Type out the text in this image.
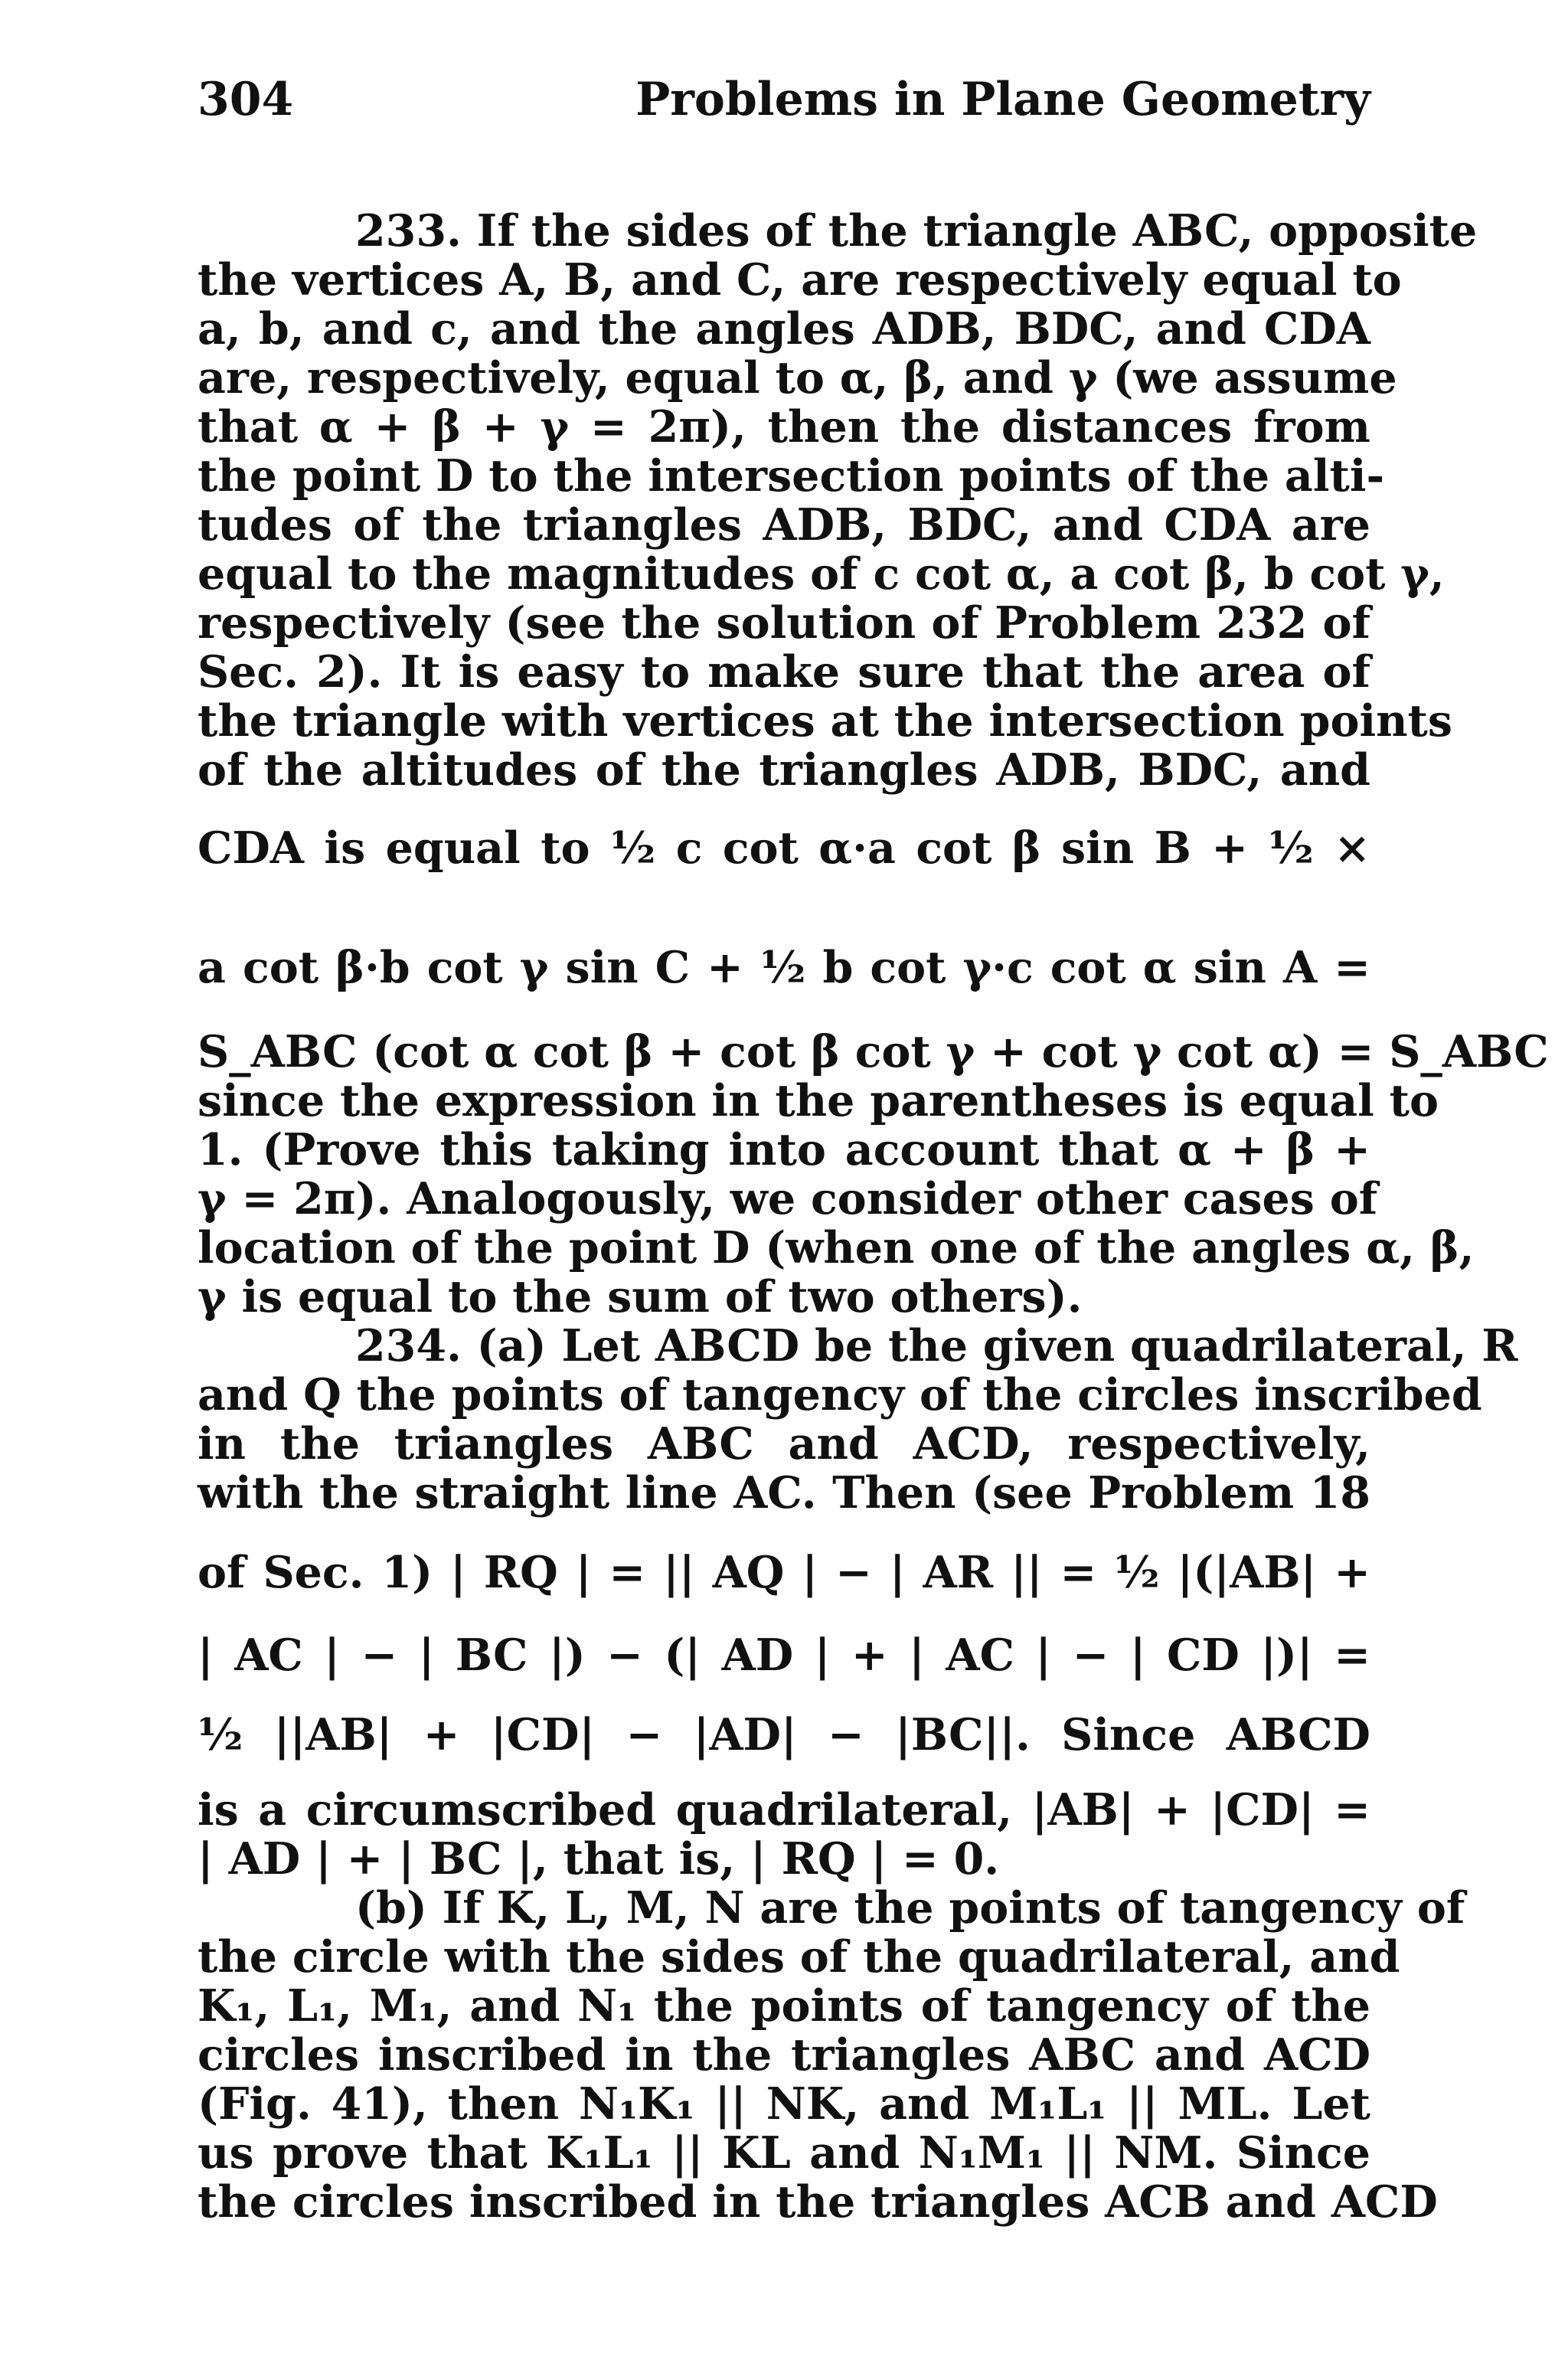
304	Problems in Plane Geometry
233. If the sides of the triangle ABC, opposite
the vertices A, B, and C, are respectively equal to
a, b, and c, and the angles ADB, BDC, and CDA
are, respectively, equal to α, β, and γ (we assume
that α + β + γ = 2π), then the distances from
the point D to the intersection points of the alti-
tudes of the triangles ADB, BDC, and CDA are
equal to the magnitudes of c cot α, a cot β, b cot γ,
respectively (see the solution of Problem 232 of
Sec. 2). It is easy to make sure that the area of
the triangle with vertices at the intersection points
of the altitudes of the triangles ADB, BDC, and
CDA is equal to ½ c cot α·a cot β sin B + ½ ×
a cot β·b cot γ sin C + ½ b cot γ·c cot α sin A =
S_ABC (cot α cot β + cot β cot γ + cot γ cot α) = S_ABC
since the expression in the parentheses is equal to
1. (Prove this taking into account that α + β +
γ = 2π). Analogously, we consider other cases of
location of the point D (when one of the angles α, β,
γ is equal to the sum of two others).
234. (a) Let ABCD be the given quadrilateral, R
and Q the points of tangency of the circles inscribed
in the triangles ABC and ACD, respectively,
with the straight line AC. Then (see Problem 18
of Sec. 1) | RQ | = || AQ | − | AR || = ½ |(|AB| +
| AC | − | BC |) − (| AD | + | AC | − | CD |)| =
½ ||AB| + |CD| − |AD| − |BC||. Since ABCD
is a circumscribed quadrilateral, |AB| + |CD| =
| AD | + | BC |, that is, | RQ | = 0.
(b) If K, L, M, N are the points of tangency of
the circle with the sides of the quadrilateral, and
K₁, L₁, M₁, and N₁ the points of tangency of the
circles inscribed in the triangles ABC and ACD
(Fig. 41), then N₁K₁ || NK, and M₁L₁ || ML. Let
us prove that K₁L₁ || KL and N₁M₁ || NM. Since
the circles inscribed in the triangles ACB and ACD
